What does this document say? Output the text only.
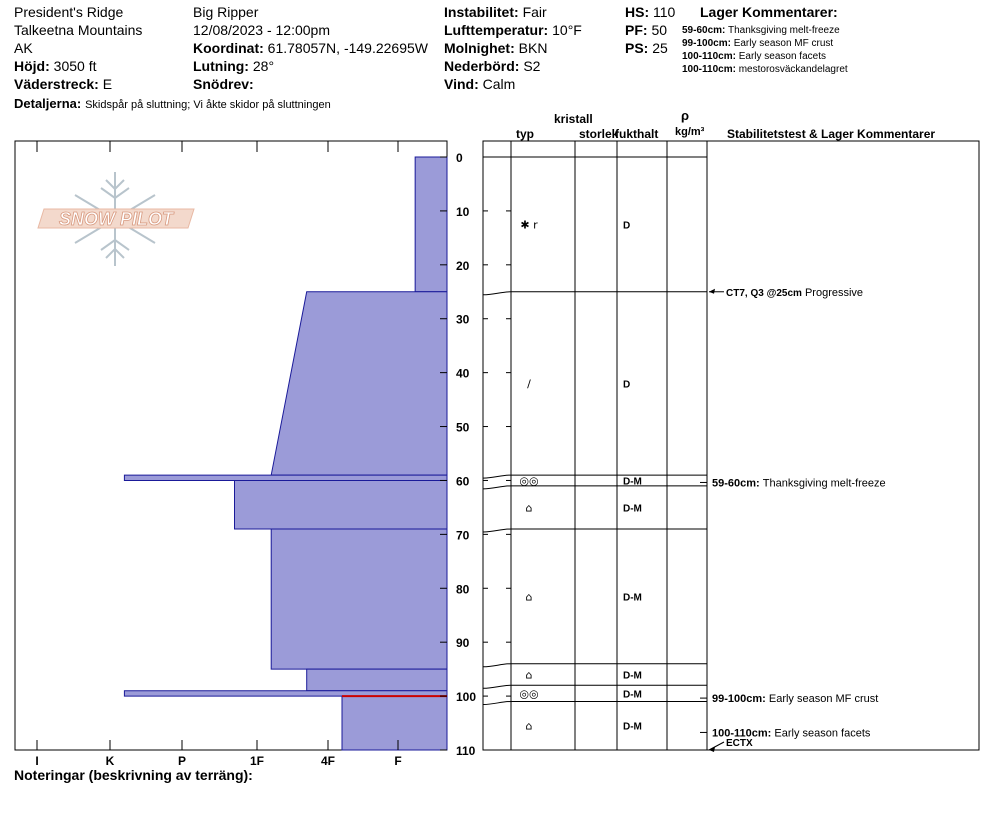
President's Ridge
Talkeetna Mountains
AK
Höjd: 3050 ft
Väderstreck: E
Detaljerna: Skidspår på sluttning; Vi åkte skidor på sluttningen
Big Ripper
12/08/2023 - 12:00pm
Koordinat: 61.78057N, -149.22695W
Lutning: 28°
Snödrev:
Instabilitet: Fair
Lufttemperatur: 10°F
Molnighet: BKN
Nederbörd: S2
Vind: Calm
HS: 110
PF: 50
PS: 25
Lager Kommentarer:
59-60cm: Thanksgiving melt-freeze
99-100cm: Early season MF crust
100-110cm: Early season facets
100-110cm: mestorosväckandelagret
kristall
typ	storlek
fukthalt
ρ
kg/m³ Stabilitetstest & Lager Kommentarer
SNOW PILOT
I	K	P	1F	4F	F
0
10
20
30
40
50
60
70
80
90
100
110
✱ r	D
/	D
◎◎	D-M
⌂	D-M
⌂	D-M
⌂	D-M
◎◎	D-M
⌂	D-M
CT7, Q3 @25cm Progressive
ECTX
59-60cm: Thanksgiving melt-freeze
99-100cm: Early season MF crust
100-110cm: Early season facets
Noteringar (beskrivning av terräng):
